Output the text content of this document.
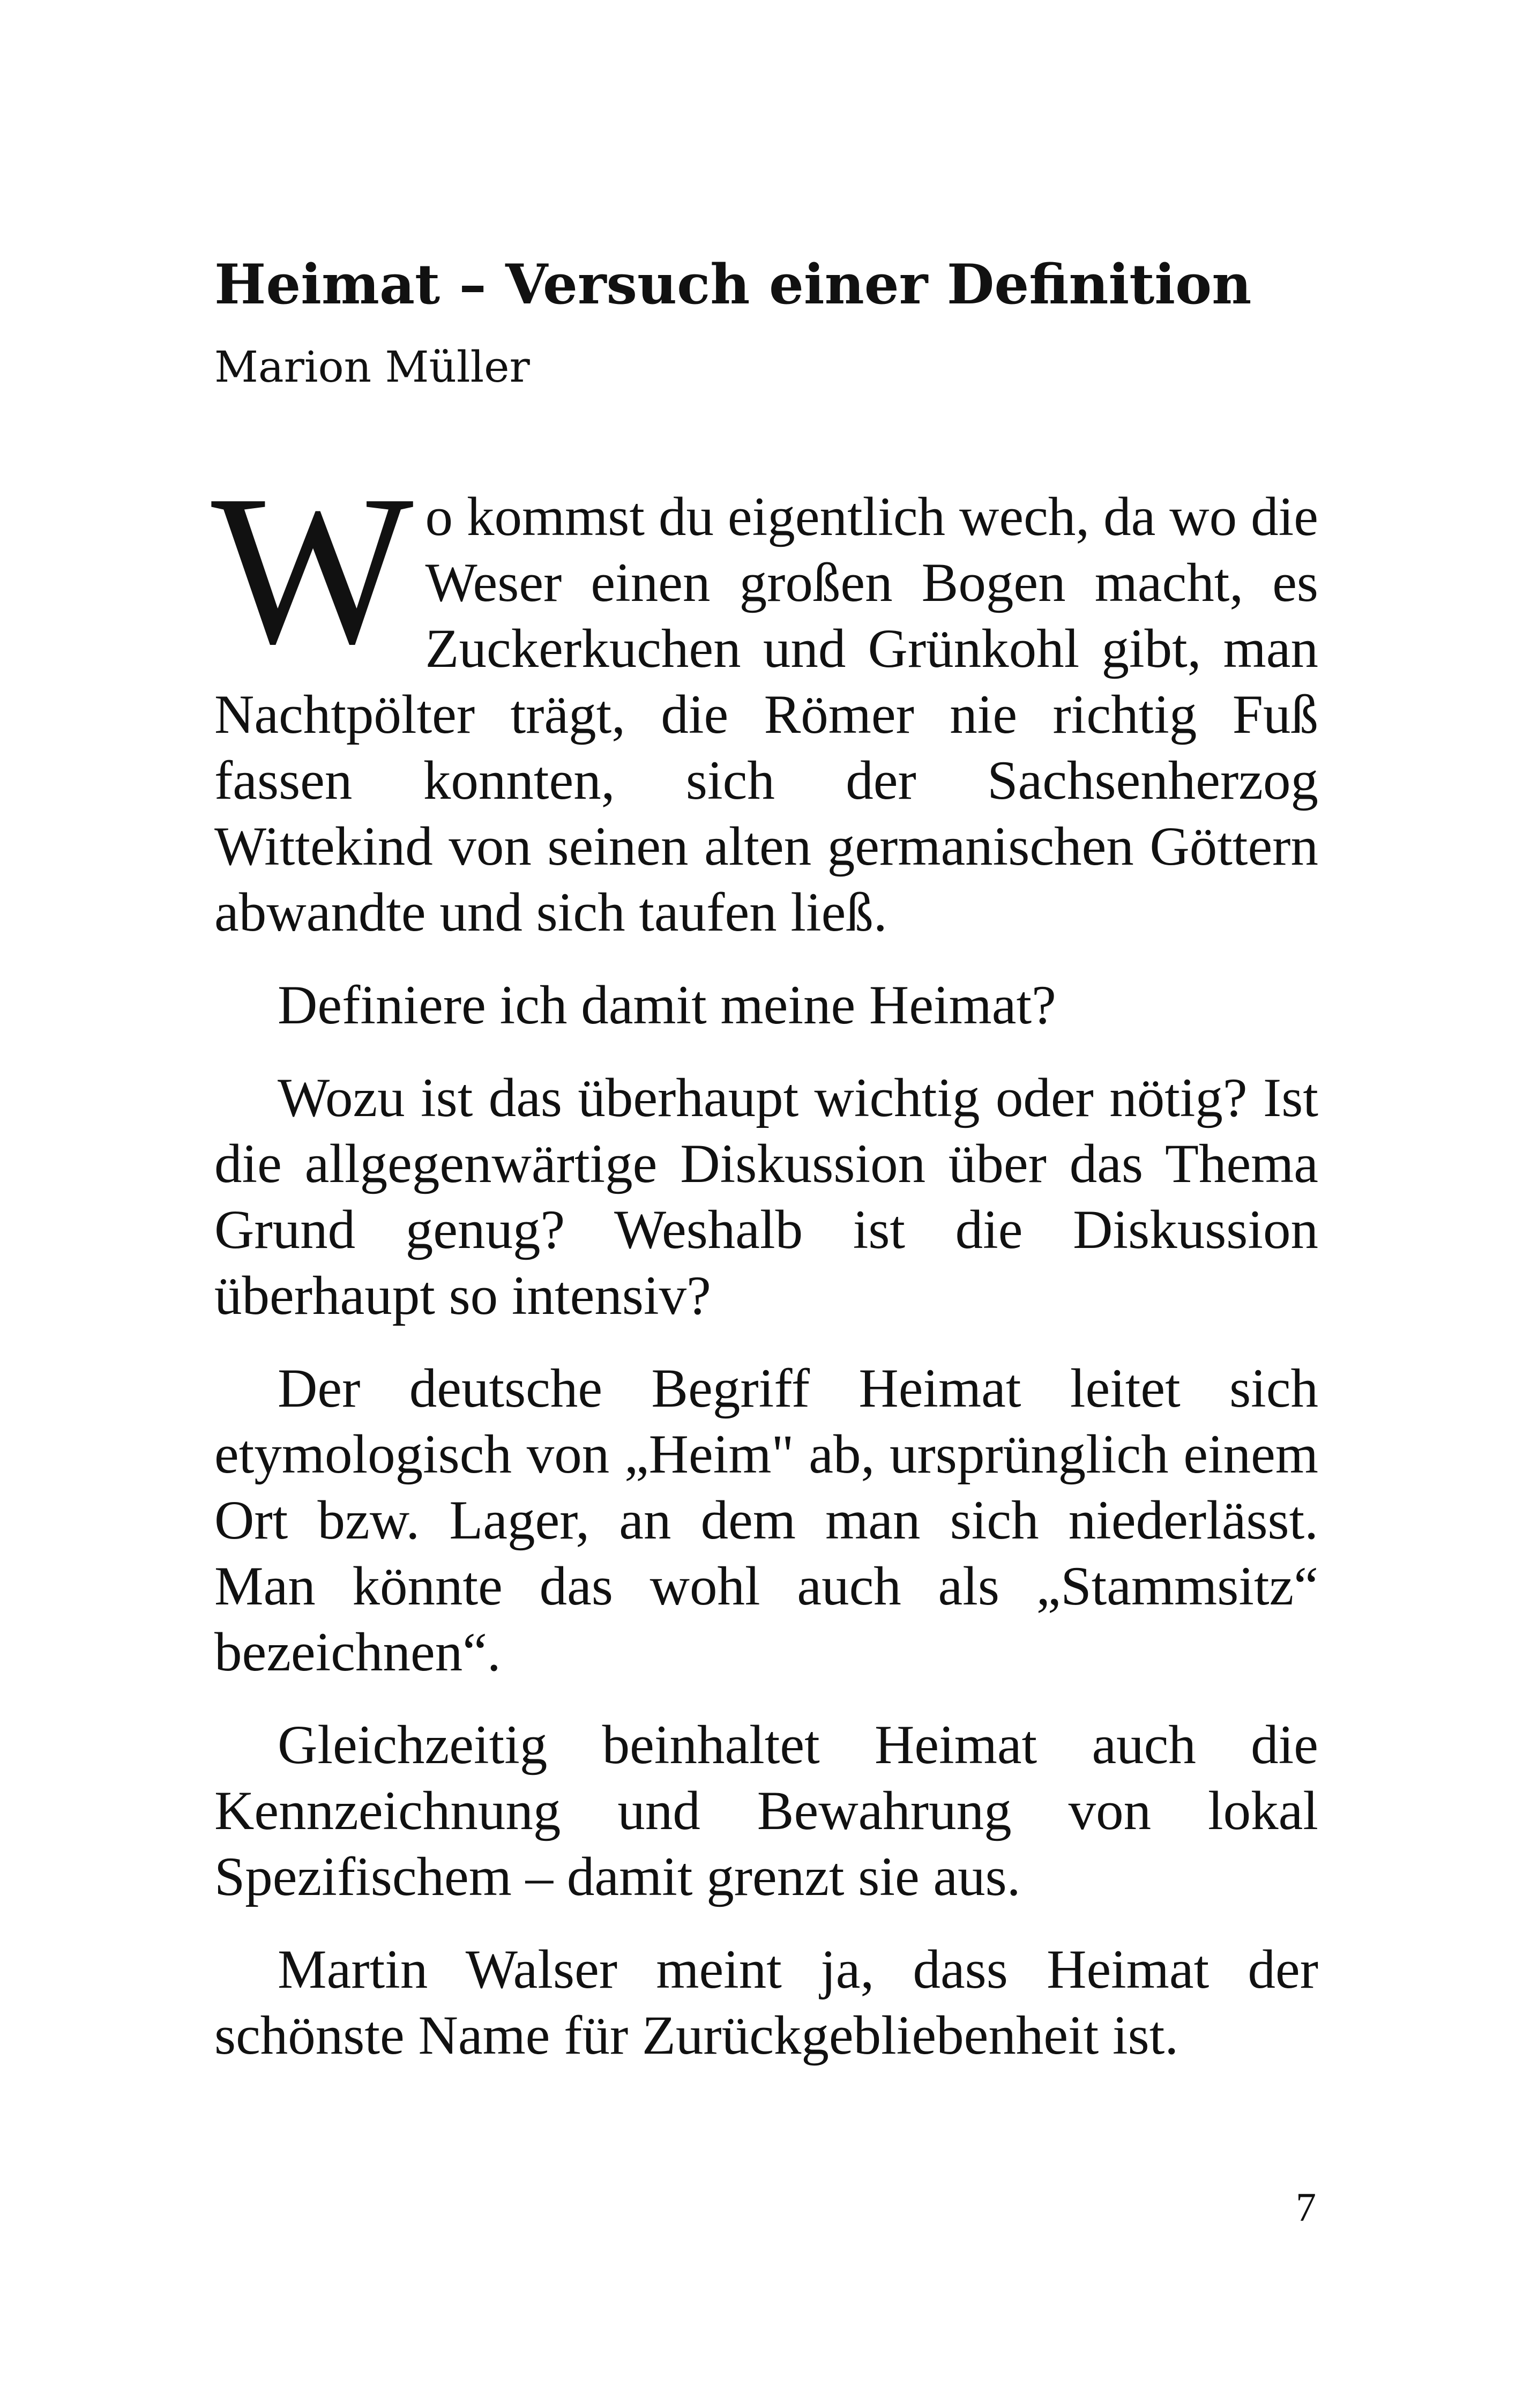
Heimat – Versuch einer Definition
Marion Müller

Wo kommst du eigentlich wech, da wo die Weser einen großen Bogen macht, es Zuckerkuchen und Grünkohl gibt, man Nachtpölter trägt, die Römer nie richtig Fuß fassen konnten, sich der Sachsenherzog Wittekind von seinen alten germanischen Göttern abwandte und sich taufen ließ.

Definiere ich damit meine Heimat?

Wozu ist das überhaupt wichtig oder nötig? Ist die allgegenwärtige Diskussion über das Thema Grund genug? Weshalb ist die Diskussion überhaupt so intensiv?

Der deutsche Begriff Heimat leitet sich etymologisch von „Heim" ab, ursprünglich einem Ort bzw. Lager, an dem man sich niederlässt. Man könnte das wohl auch als „Stammsitz“ bezeichnen“.

Gleichzeitig beinhaltet Heimat auch die Kennzeichnung und Bewahrung von lokal Spezifischem – damit grenzt sie aus.

Martin Walser meint ja, dass Heimat der schönste Name für Zurückgebliebenheit ist.

7
